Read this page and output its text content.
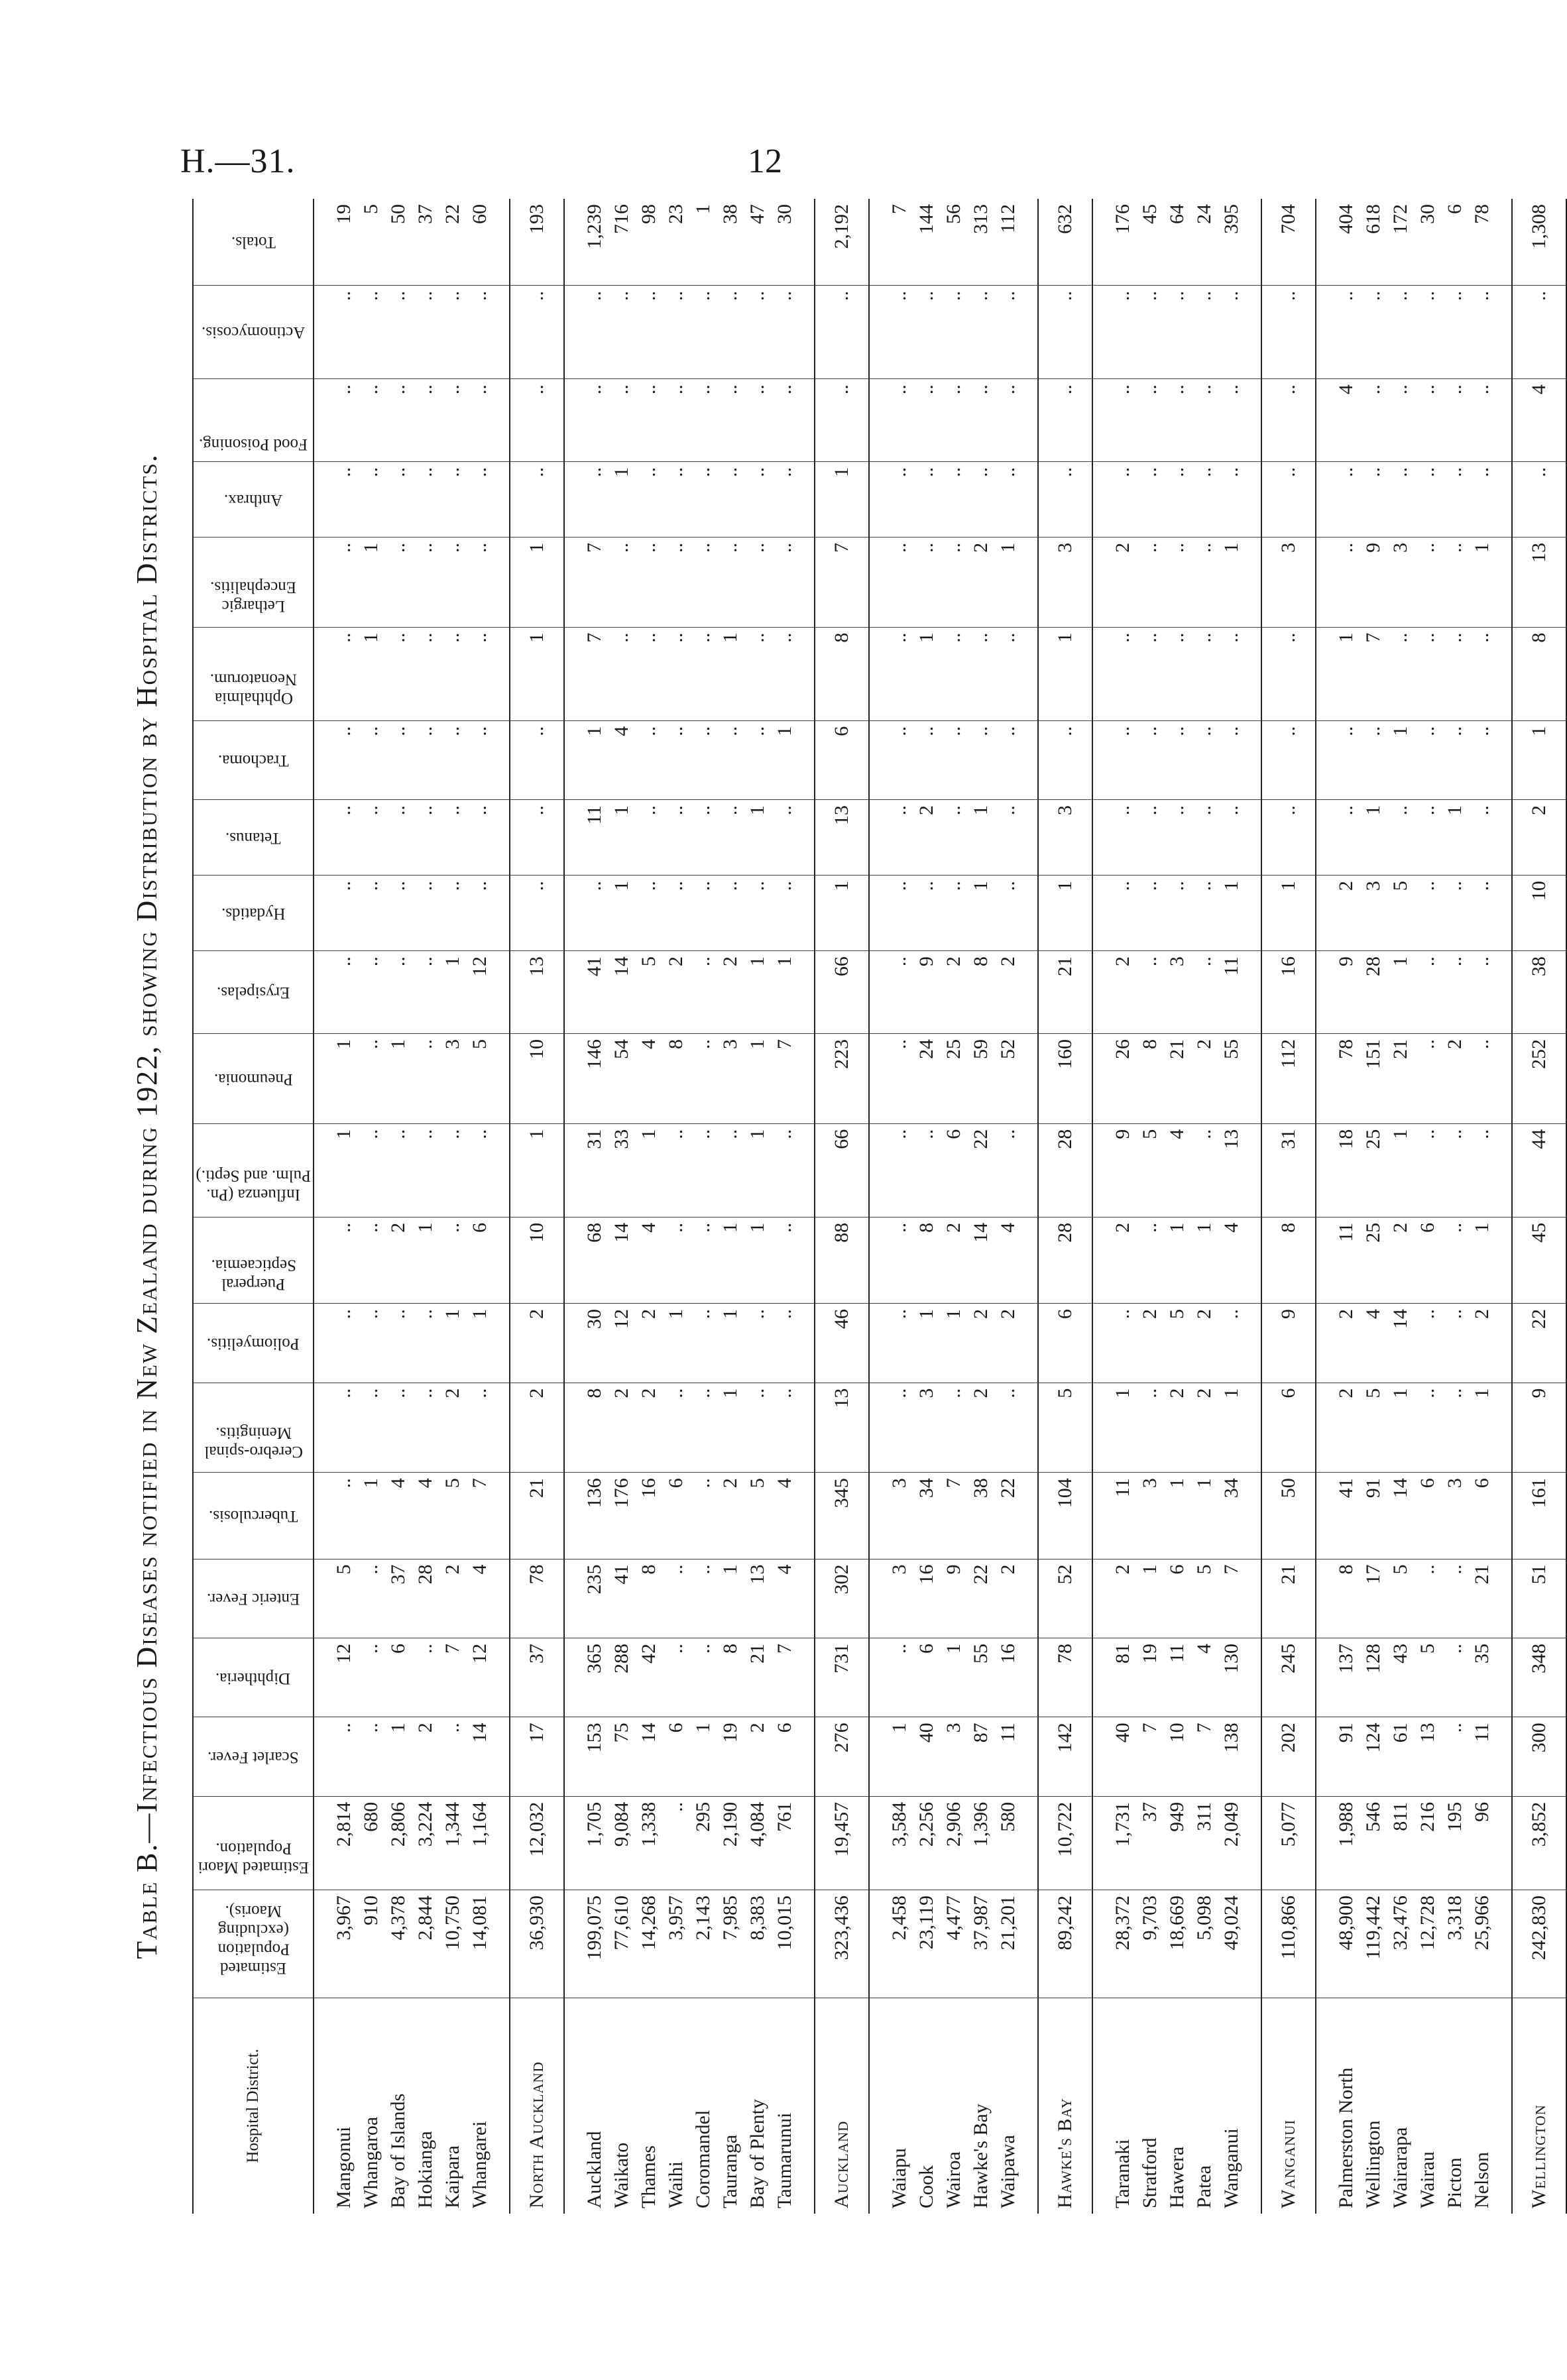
H.—31.	12
Table B.—Infectious Diseases notified in New Zealand during 1922, showing Distribution by Hospital Districts.
Hospital District.	Estimated Population (excluding Maoris).	Estimated Maori Population.	Scarlet Fever.	Diphtheria.	Enteric Fever.	Tuberculosis.	Cerebro-spinal Meningitis.	Poliomyelitis.	Puerperal Septicaemia.	Influenza (Pn. Pulm. and Septi.)	Pneumonia.	Erysipelas.	Hydatids.	Tetanus.	Trachoma.	Ophthalmia Neonatorum.	Lethargic Encephalitis.	Anthrax.	Food Poisoning.	Actinomycosis.	Totals.

Mangonui	3,967	2,814	..	12	5	..	..	..	..	1	1	..	..	..	..	..	..	..	..	..	19
Whangaroa	910	680	..	..	..	1	..	..	..	..	..	..	..	..	..	1	1	..	..	..	5
Bay of Islands	4,378	2,806	1	6	37	4	..	..	2	..	1	..	..	..	..	..	..	..	..	..	50
Hokianga	2,844	3,224	2	..	28	4	..	..	1	..	..	..	..	..	..	..	..	..	..	..	37
Kaipara	10,750	1,344	..	7	2	5	2	1	..	..	3	1	..	..	..	..	..	..	..	..	22
Whangarei	14,081	1,164	14	12	4	7	..	1	6	..	5	12	..	..	..	..	..	..	..	..	60

North Auckland	36,930	12,032	17	37	78	21	2	2	10	1	10	13	..	..	..	1	1	..	..	..	193

Auckland	199,075	1,705	153	365	235	136	8	30	68	31	146	41	..	11	1	7	7	..	..	..	1,239
Waikato	77,610	9,084	75	288	41	176	2	12	14	33	54	14	1	1	4	..	..	1	..	..	716
Thames	14,268	1,338	14	42	8	16	2	2	4	1	4	5	..	..	..	..	..	..	..	..	98
Waihi	3,957	..	6	..	..	6	..	1	..	..	8	2	..	..	..	..	..	..	..	..	23
Coromandel	2,143	295	1	..	..	..	..	..	..	..	..	..	..	..	..	..	..	..	..	..	1
Tauranga	7,985	2,190	19	8	1	2	1	1	1	..	3	2	..	..	..	1	..	..	..	..	38
Bay of Plenty	8,383	4,084	2	21	13	5	..	..	1	1	1	1	..	1	..	..	..	..	..	..	47
Taumarunui	10,015	761	6	7	4	4	..	..	..	..	7	1	..	..	1	..	..	..	..	..	30

Auckland	323,436	19,457	276	731	302	345	13	46	88	66	223	66	1	13	6	8	7	1	..	..	2,192

Waiapu	2,458	3,584	1	..	3	3	..	..	..	..	..	..	..	..	..	..	..	..	..	..	7
Cook	23,119	2,256	40	6	16	34	3	1	8	..	24	9	..	2	..	1	..	..	..	..	144
Wairoa	4,477	2,906	3	1	9	7	..	1	2	6	25	2	..	..	..	..	..	..	..	..	56
Hawke's Bay	37,987	1,396	87	55	22	38	2	2	14	22	59	8	1	1	..	..	2	..	..	..	313
Waipawa	21,201	580	11	16	2	22	..	2	4	..	52	2	..	..	..	..	1	..	..	..	112

Hawke's Bay	89,242	10,722	142	78	52	104	5	6	28	28	160	21	1	3	..	1	3	..	..	..	632

Taranaki	28,372	1,731	40	81	2	11	1	..	2	9	26	2	..	..	..	..	2	..	..	..	176
Stratford	9,703	37	7	19	1	3	..	2	..	5	8	..	..	..	..	..	..	..	..	..	45
Hawera	18,669	949	10	11	6	1	2	5	1	4	21	3	..	..	..	..	..	..	..	..	64
Patea	5,098	311	7	4	5	1	2	2	1	..	2	..	..	..	..	..	..	..	..	..	24
Wanganui	49,024	2,049	138	130	7	34	1	..	4	13	55	11	1	..	..	..	1	..	..	..	395

Wanganui	110,866	5,077	202	245	21	50	6	9	8	31	112	16	1	..	..	..	3	..	..	..	704

Palmerston North	48,900	1,988	91	137	8	41	2	2	11	18	78	9	2	..	..	1	..	..	4	..	404
Wellington	119,442	546	124	128	17	91	5	4	25	25	151	28	3	1	..	7	9	..	..	..	618
Wairarapa	32,476	811	61	43	5	14	1	14	2	1	21	1	5	..	1	..	3	..	..	..	172
Wairau	12,728	216	13	5	..	6	..	..	6	..	..	..	..	..	..	..	..	..	..	..	30
Picton	3,318	195	..	..	..	3	..	..	..	..	2	..	..	1	..	..	..	..	..	..	6
Nelson	25,966	96	11	35	21	6	1	2	1	..	..	..	..	..	..	..	1	..	..	..	78

Wellington	242,830	3,852	300	348	51	161	9	22	45	44	252	38	10	2	1	8	13	..	4	..	1,308
